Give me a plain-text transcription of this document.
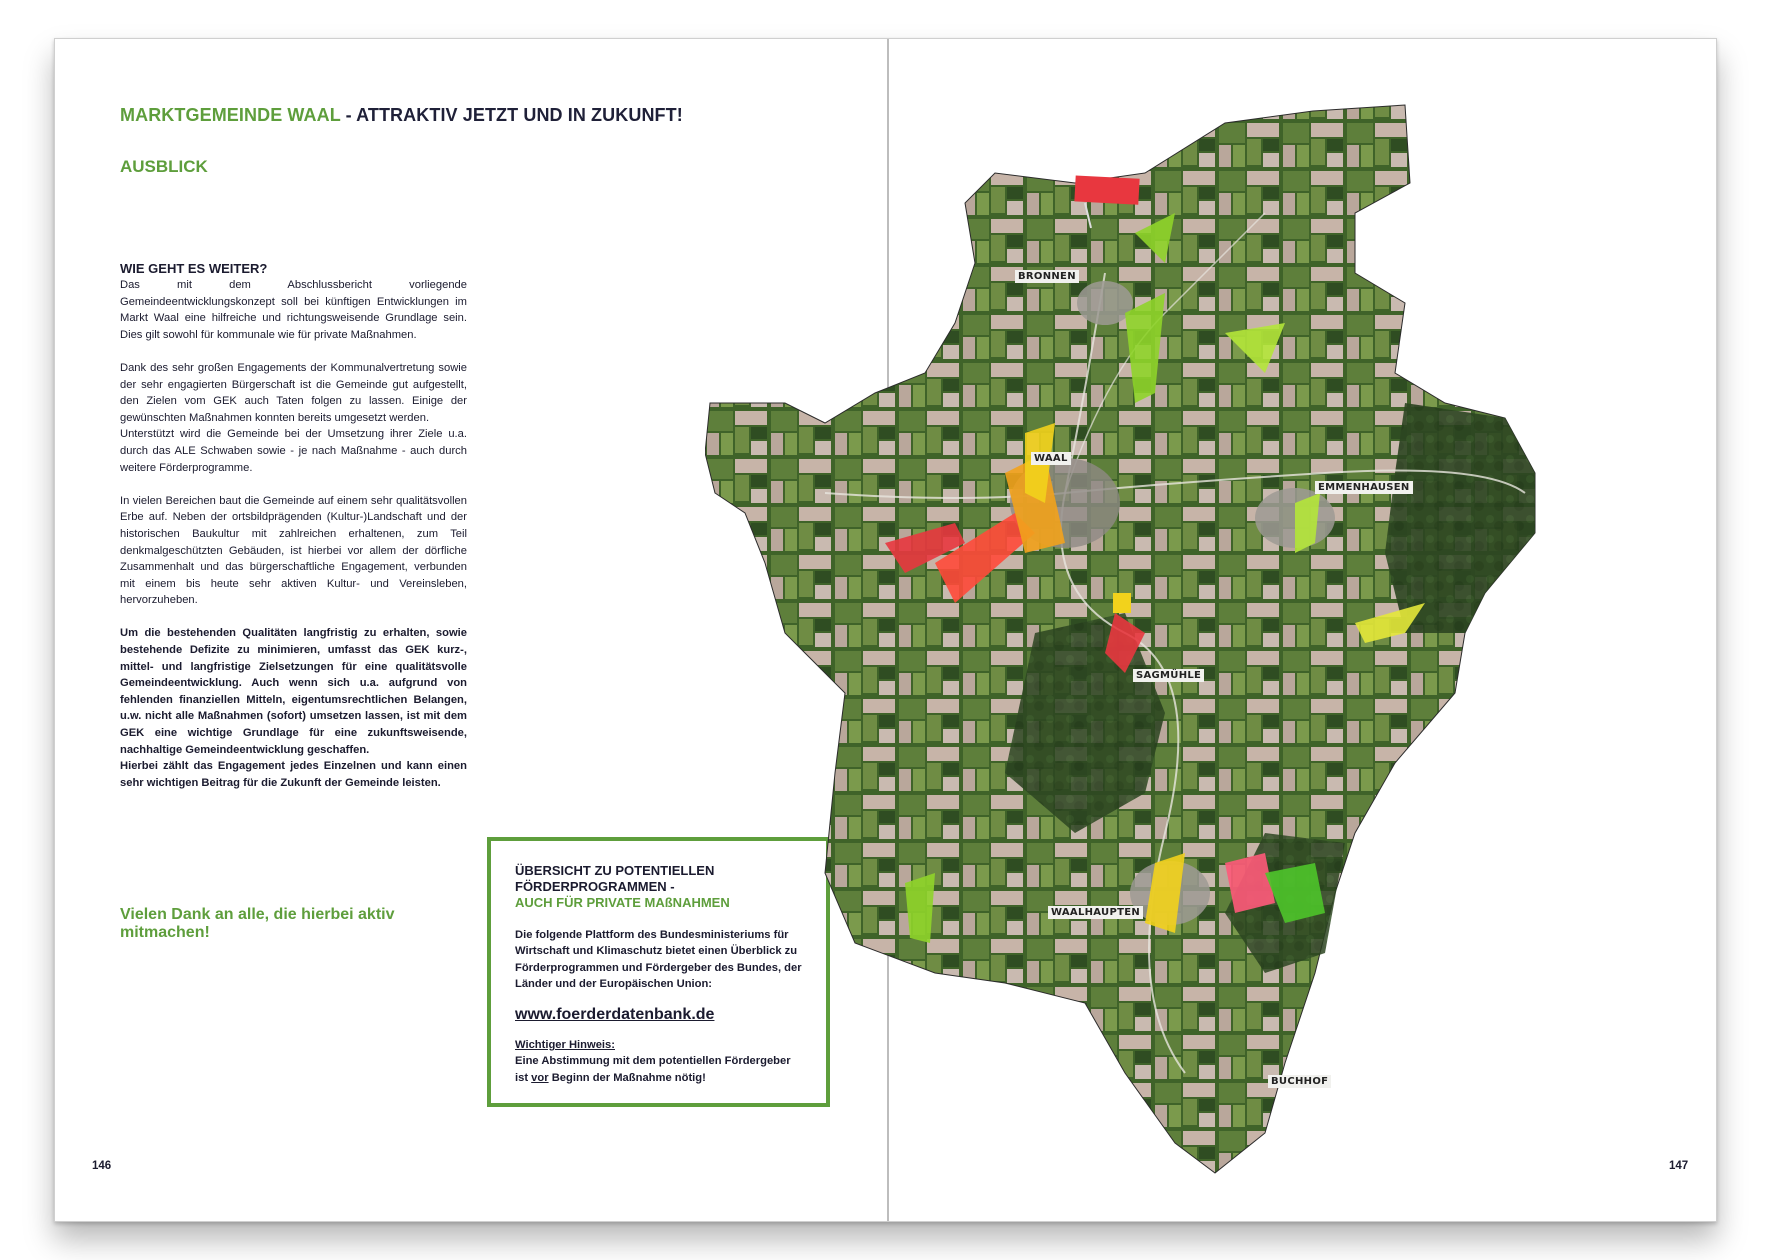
MARKTGEMEINDE WAAL - ATTRAKTIV JETZT UND IN ZUKUNFT!
AUSBLICK
WIE GEHT ES WEITER?

Das mit dem Abschlussbericht vorliegende Gemeindeentwicklungskonzept soll bei künftigen Entwicklungen im Markt Waal eine hilfreiche und richtungsweisende Grundlage sein. Dies gilt sowohl für kommunale wie für private Maßnahmen.

Dank des sehr großen Engagements der Kommunalvertretung sowie der sehr engagierten Bürgerschaft ist die Gemeinde gut aufgestellt, den Zielen vom GEK auch Taten folgen zu lassen. Einige der gewünschten Maßnahmen konnten bereits umgesetzt werden.

Unterstützt wird die Gemeinde bei der Umsetzung ihrer Ziele u.a. durch das ALE Schwaben sowie - je nach Maßnahme - auch durch weitere Förderprogramme.

In vielen Bereichen baut die Gemeinde auf einem sehr qualitätsvollen Erbe auf. Neben der ortsbildprägenden (Kultur-)Landschaft und der historischen Baukultur mit zahlreichen erhaltenen, zum Teil denkmalgeschützten Gebäuden, ist hierbei vor allem der dörfliche Zusammenhalt und das bürgerschaftliche Engagement, verbunden mit einem bis heute sehr aktiven Kultur- und Vereinsleben, hervorzuheben.

Um die bestehenden Qualitäten langfristig zu erhalten, sowie bestehende Defizite zu minimieren, umfasst das GEK kurz-, mittel- und langfristige Zielsetzungen für eine qualitätsvolle Gemeindeentwicklung. Auch wenn sich u.a. aufgrund von fehlenden finanziellen Mitteln, eigentumsrechtlichen Belangen, u.w. nicht alle Maßnahmen (sofort) umsetzen lassen, ist mit dem GEK eine wichtige Grundlage für eine zukunftsweisende, nachhaltige Gemeindeentwicklung geschaffen.

Hierbei zählt das Engagement jedes Einzelnen und kann einen sehr wichtigen Beitrag für die Zukunft der Gemeinde leisten.

Vielen Dank an alle, die hierbei aktiv mitmachen!
146
ÜBERSICHT ZU POTENTIELLEN FÖRDERPROGRAMMEN -
AUCH FÜR PRIVATE MAßNAHMEN
Die folgende Plattform des Bundesministeriums für Wirtschaft und Klimaschutz bietet einen Überblick zu Förderprogrammen und Fördergeber des Bundes, der Länder und der Europäischen Union:
www.foerderdatenbank.de
Wichtiger Hinweis:
Eine Abstimmung mit dem potentiellen Fördergeber ist vor Beginn der Maßnahme nötig!
BRONNEN
WAAL
EMMENHAUSEN
SAGMÜHLE
WAALHAUPTEN
BUCHHOF
147
